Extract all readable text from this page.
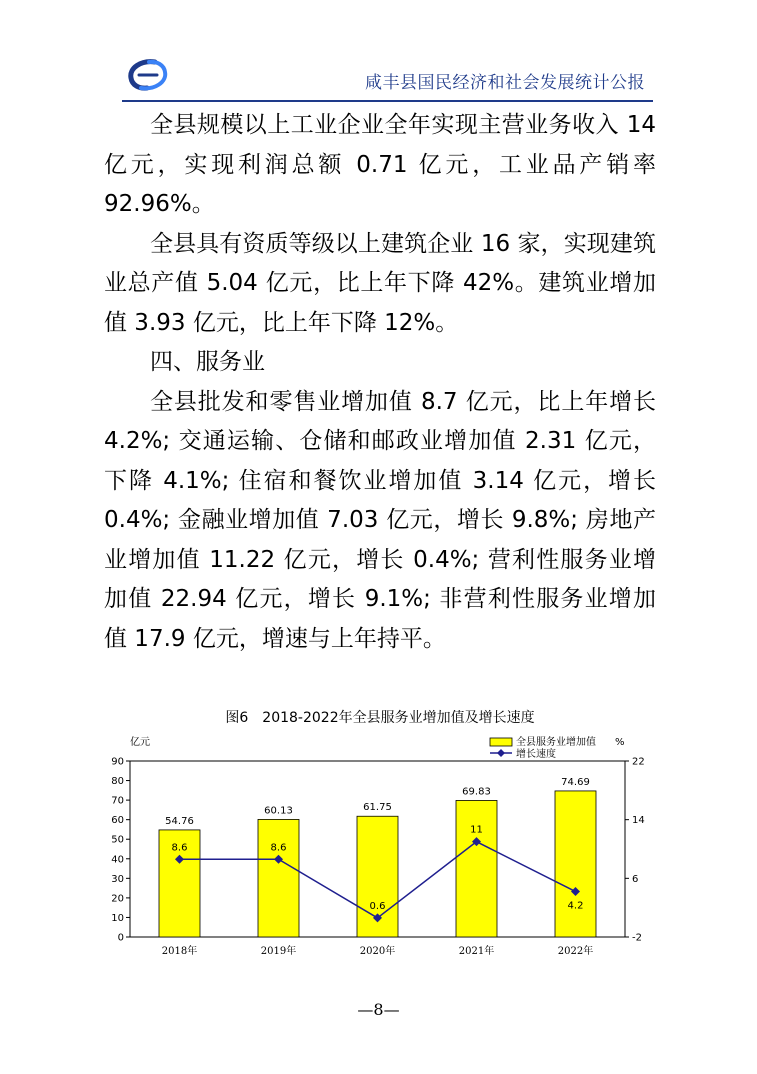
咸丰县国民经济和社会发展统计公报

全县规模以上工业企业全年实现主营业务收入 14 亿元，实现利润总额 0.71 亿元，工业品产销率 92.96%。

全县具有资质等级以上建筑企业 16 家，实现建筑业总产值 5.04 亿元，比上年下降 42%。建筑业增加值 3.93 亿元，比上年下降 12%。

四、服务业

全县批发和零售业增加值 8.7 亿元，比上年增长 4.2%; 交通运输、仓储和邮政业增加值 2.31 亿元，下降 4.1%; 住宿和餐饮业增加值 3.14 亿元，增长 0.4%; 金融业增加值 7.03 亿元，增长 9.8%; 房地产业增加值 11.22 亿元，增长 0.4%; 营利性服务业增加值 22.94 亿元，增长 9.1%; 非营利性服务业增加值 17.9 亿元，增速与上年持平。

图6　2018-2022年全县服务业增加值及增长速度
亿元	%
全县服务业增加值
增长速度
0
10
20
30
40
50
60
70
80
90
-2
6
14
22
54.76
60.13	61.75
69.83
74.69
8.6	8.6
0.6
11
4.2
2018年	2019年	2020年	2021年	2022年
—8—
